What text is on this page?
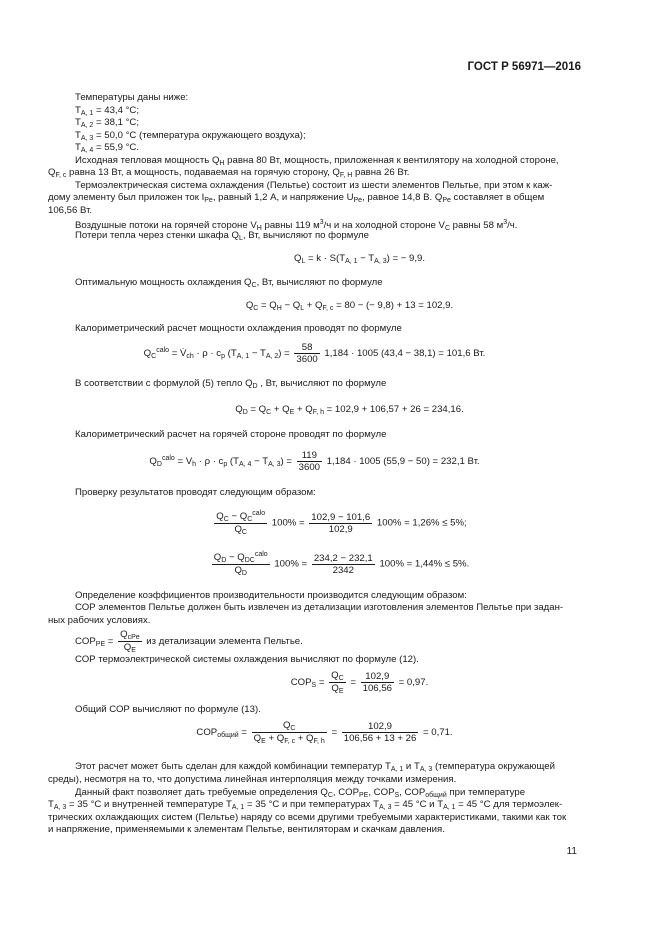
ГОСТ Р 56971—2016
Температуры даны ниже:
$T_{A, 1} = 43,4$ °C;
$T_{A, 2} = 38,1$ °C;
$T_{A, 3} = 50,0$ °C (температура окружающего воздуха);
$T_{A, 4} = 55,9$ °C.
Исходная тепловая мощность $Q_H$ равна 80 Вт, мощность, приложенная к вентилятору на холодной стороне,
$Q_{F, c}$ равна 13 Вт, а мощность, подаваемая на горячую сторону, $Q_{F, H}$ равна 26 Вт.
Термоэлектрическая система охлаждения (Пельтье) состоит из шести элементов Пельтье, при этом к каж-
дому элементу был приложен ток $I_{Pe}$, равный 1,2 А, и напряжение $U_{Pe}$, равное 14,8 В. $Q_{Pe}$ составляет в общем
106,56 Вт.
Воздушные потоки на горячей стороне $V_H$ равны 119 $м^3/ч$ и на холодной стороне $V_C$ равны 58 $м^3/ч$.
Потери тепла через стенки шкафа $Q_L$, Вт, вычисляют по формуле
$Q_L = k \cdot S(T_{A, 1} - T_{A, 3})$ = − 9,9.
Оптимальную мощность охлаждения $Q_C$, Вт, вычисляют по формуле
$Q_C = Q_H - Q_L + Q_{F, c} = 80$ − (− 9,8) + 13 = 102,9.
Калориметрический расчет мощности охлаждения проводят по формуле
$Q_C^{calo}$ = $V̇_{ch} \cdot \rho \cdot c_p$ $(T_{A, 1} - T_{A, 2}) = \frac{58}{3600} 1,184 \cdot 1005$ (43,4 − 38,1) = 101,6 Вт.
В соответствии с формулой (5) тепло $Q_D$ , Вт, вычисляют по формуле
$Q_D = Q_C + Q_E + Q_{F, h} = 102,9 + 106,57 + 26 = 234,16$.
Калориметрический расчет на горячей стороне проводят по формуле
$Q_D^{calo} = V_h \cdot \rho \cdot c_p$ $(T_{A, 4} - T_{A, 3}) = \frac{119}{3600} 1,184 \cdot 1005$ (55,9 − 50) = 232,1 Вт.
Проверку результатов проводят следующим образом:
$\frac{Q_C - Q_C^{calo}}{Q_C} 100\% = \frac{102,9 - 101,6}{102,9} 100\% = 1,26\% \le 5\%$;
$\frac{Q_D - Q_{DC}^{calo}}{Q_D} 100\% = \frac{234,2 - 232,1}{2342} 100\% = 1,44\% \le 5\%$.
Определение коэффициентов производительности производится следующим образом:
СОР элементов Пельтье должен быть извлечен из детализации изготовления элементов Пельтье при задан-
ных рабочих условиях.
$COP_{PE} = \frac{Q_{cPe}}{Q_E}$ из детализации элемента Пельтье.
СОР термоэлектрической системы охлаждения вычисляют по формуле (12).
$COP_S = \frac{Q_C}{Q_E} = \frac{102,9}{106,56} = 0,97$.
Общий СОР вычисляют по формуле (13).
$COP_{общий} = \frac{Q_C}{Q_E + Q_{F, c} + Q_{F, h}} = \frac{102,9}{106,56 + 13 + 26} = 0,71$.
Этот расчет может быть сделан для каждой комбинации температур $T_{A, 1}$ и $T_{A, 3}$ (температура окружающей
среды), несмотря на то, что допустима линейная интерполяция между точками измерения.
Данный факт позволяет дать требуемые определения $Q_C$, $COP_{PE}$, $COP_S$, $COP_{общий}$ при температуре
$T_{A, 3} = 35$ °C и внутренней температуре $T_{A, 1} = 35$ °C и при температурах $T_{A, 3} = 45$ °C и $T_{A, 1} = 45$ °C для термоэлек-
трических охлаждающих систем (Пельтье) наряду со всеми другими требуемыми характеристиками, такими как ток
и напряжение, применяемыми к элементам Пельтье, вентиляторам и скачкам давления.
11
